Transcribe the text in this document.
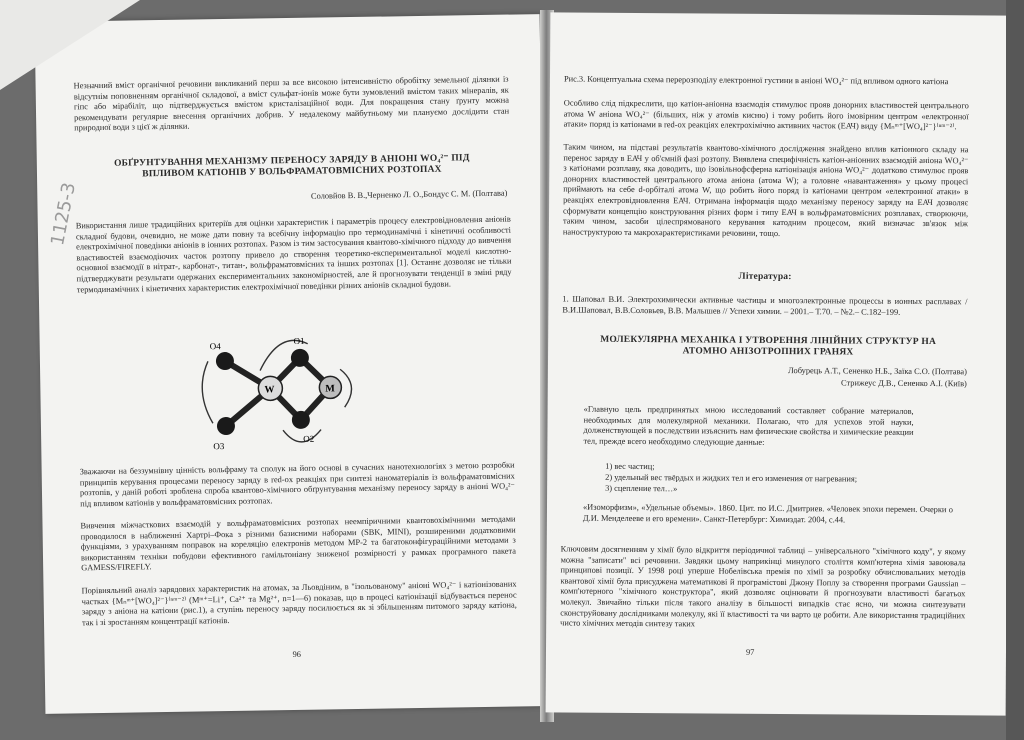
Незначний вміст органічної речовини викликаний перш за все високою інтенсивністю обробітку земельної ділянки із відсутнім поповненням органічної складової, а вміст сульфат-іонів може бути зумовлений вмістом таких мінералів, як гіпс або мірабіліт, що підтверджується вмістом кристалізаційної води. Для покращення стану ґрунту можна рекомендувати регулярне внесення органічних добрив. У недалекому майбутньому ми плануємо дослідити стан природної води з цієї ж ділянки.
ОБҐРУНТУВАННЯ МЕХАНІЗМУ ПЕРЕНОСУ ЗАРЯДУ В АНІОНІ WO₄²⁻ ПІД ВПЛИВОМ КАТІОНІВ У ВОЛЬФРАМАТОВМІСНИХ РОЗТОПАХ
Соловйов В. В.,Черненко Л. О.,Бондус С. М. (Полтава)
Використання лише традиційних критеріїв для оцінки характеристик і параметрів процесу електровідновлення аніонів складної будови, очевидно, не може дати повну та всебічну інформацію про термодинамічні і кінетичні особливості електрохімічної поведінки аніонів в іонних розтопах. Разом із тим застосування квантово-хімічного підходу до вивчення властивостей взаємодіючих часток розтопу привело до створення теоретико-експериментальної моделі кислотно-основної взаємодії в нітрат-, карбонат-, титан-, вольфраматовмісних та інших розтопах [1]. Останнє дозволяє не тільки підтверджувати результати одержаних експериментальних закономірностей, але й прогнозувати тенденції в зміні ряду термодинамічних і кінетичних характеристик електрохімічної поведінки різних аніонів складної будови.
W	M
O4
O1
O3
O2
Зважаючи на беззумнівну цінність вольфраму та сполук на його основі в сучасних нанотехнологіях з метою розробки принципів керування процесами переносу заряду в red-ox реакціях при синтезі наноматеріалів із вольфраматовмісних розтопів, у даній роботі зроблена спроба квантово-хімічного обґрунтування механізму переносу заряду в аніоні WO₄²⁻ під впливом катіонів у вольфраматовмісних розтопах.
Вивчення міжчасткових взаємодій у вольфраматовмісних розтопах неемпіричними квантовохімічними методами проводилося в наближенні Хартрі–Фока з різними базисними наборами (SBK, MINI), розширеними додатковими функціями, з урахуванням поправок на кореляцію електронів методом МР-2 та багатоконфігураційними методами з використанням техніки побудови ефективного гамільтоніану зниженої розмірності у рамках програмного пакета GAMESS/FIREFLY.
Порівняльний аналіз зарядових характеристик на атомах, за Льовдіним, в "ізольованому" аніоні WO₄²⁻ і катіонізованих частках {Mₙᵐ⁺[WO₄]²⁻}⁽ⁿᵐ⁻²⁾ (Mᵐ⁺=Li⁺, Ca²⁺ та Mg²⁺, n=1—6) показав, що в процесі катіонізації відбувається перенос заряду з аніона на катіони (рис.1), а ступінь переносу заряду посилюється як зі збільшенням питомого заряду катіона, так і зі зростанням концентрації катіонів.
96
1125-3
Рис.3. Концептуальна схема перерозподілу електронної густини в аніоні WO₄²⁻ під впливом одного катіона
Особливо слід підкреслити, що катіон-аніонна взаємодія стимулює прояв донорних властивостей центрального атома W аніона WO₄²⁻ (більших, ніж у атомів кисню) і тому робить його імовірним центром «електронної атаки» поряд із катіонами в red-ox реакціях електрохімічно активних часток (ЕАЧ) виду {Mₙᵐ⁺[WO₄]²⁻}⁽ⁿᵐ⁻²⁾.
Таким чином, на підставі результатів квантово-хімічного дослідження знайдено вплив катіонного складу на перенос заряду в ЕАЧ у об'ємній фазі розтопу. Виявлена специфічність катіон-аніонних взаємодій аніона WO₄²⁻ з катіонами розплаву, яка доводить, що ізовільнофсферна катіонізація аніона WO₄²⁻ додатково стимулює прояв донорних властивостей центрального атома аніона (атома W); а головне «навантаження» у цьому процесі приймають на себе d-орбіталі атома W, що робить його поряд із катіонами центром «електронної атаки» в реакціях електровідновлення ЕАЧ. Отримана інформація щодо механізму переносу заряду на ЕАЧ дозволяє сформувати концепцію конструювання різних форм і типу ЕАЧ в вольфраматовмісних розплавах, створюючи, таким чином, засоби цілеспрямованого керування катодним процесом, який визначає зв'язок між наноструктурою та макрохарактеристиками речовини, тощо.
Література:
1. Шаповал В.И. Электрохимически активные частицы и многоэлектронные процессы в ионных расплавах / В.И.Шаповал, В.В.Соловьев, В.В. Малышев // Успехи химии. – 2001.– Т.70. – №2.– С.182–199.
МОЛЕКУЛЯРНА МЕХАНІКА І УТВОРЕННЯ ЛІНІЙНИХ СТРУКТУР НА АТОМНО АНІЗОТРОПНИХ ГРАНЯХ
Лобурець А.Т., Сененко Н.Б., Заїка С.О. (Полтава)
Стрижеус Д.В., Сененко А.І. (Київ)
«Главную цель предпринятых мною исследований составляет собрание материалов, необходимых для молекулярной механики. Полагаю, что для успехов этой науки, долженствующей в последствии изъяснить нам физические свойства и химические реакции тел, прежде всего необходимо следующие данные:
1) вес частиц;
2) удельный вес твёрдых и жидких тел и его изменения от нагревания;
3) сцепление тел…»
«Изоморфизм», «Удельные объемы». 1860. Цит. по И.С. Дмитриев. «Человек эпохи перемен. Очерки о Д.И. Менделееве и его времени». Санкт-Петербург: Химиздат. 2004, с.44.
Ключовим досягненням у хімії було відкриття періодичної таблиці – універсального "хімічного коду", у якому можна "записати" всі речовини. Завдяки цьому наприкінці минулого століття комп'ютерна хімія завоювала принципові позиції. У 1998 році уперше Нобелівська премія по хімії за розробку обчислювальних методів квантової хімії була присуджена математикові й програмістові Джону Поплу за створення програми Gaussian – комп'ютерного "хімічного конструктора", який дозволяє оцінювати й прогнозувати властивості багатьох молекул. Звичайно тільки після такого аналізу в більшості випадків стає ясно, чи можна синтезувати сконструйовану дослідниками молекулу, які її властивості та чи варто це робити. Але використання традиційних чисто хімічних методів синтезу таких
97
